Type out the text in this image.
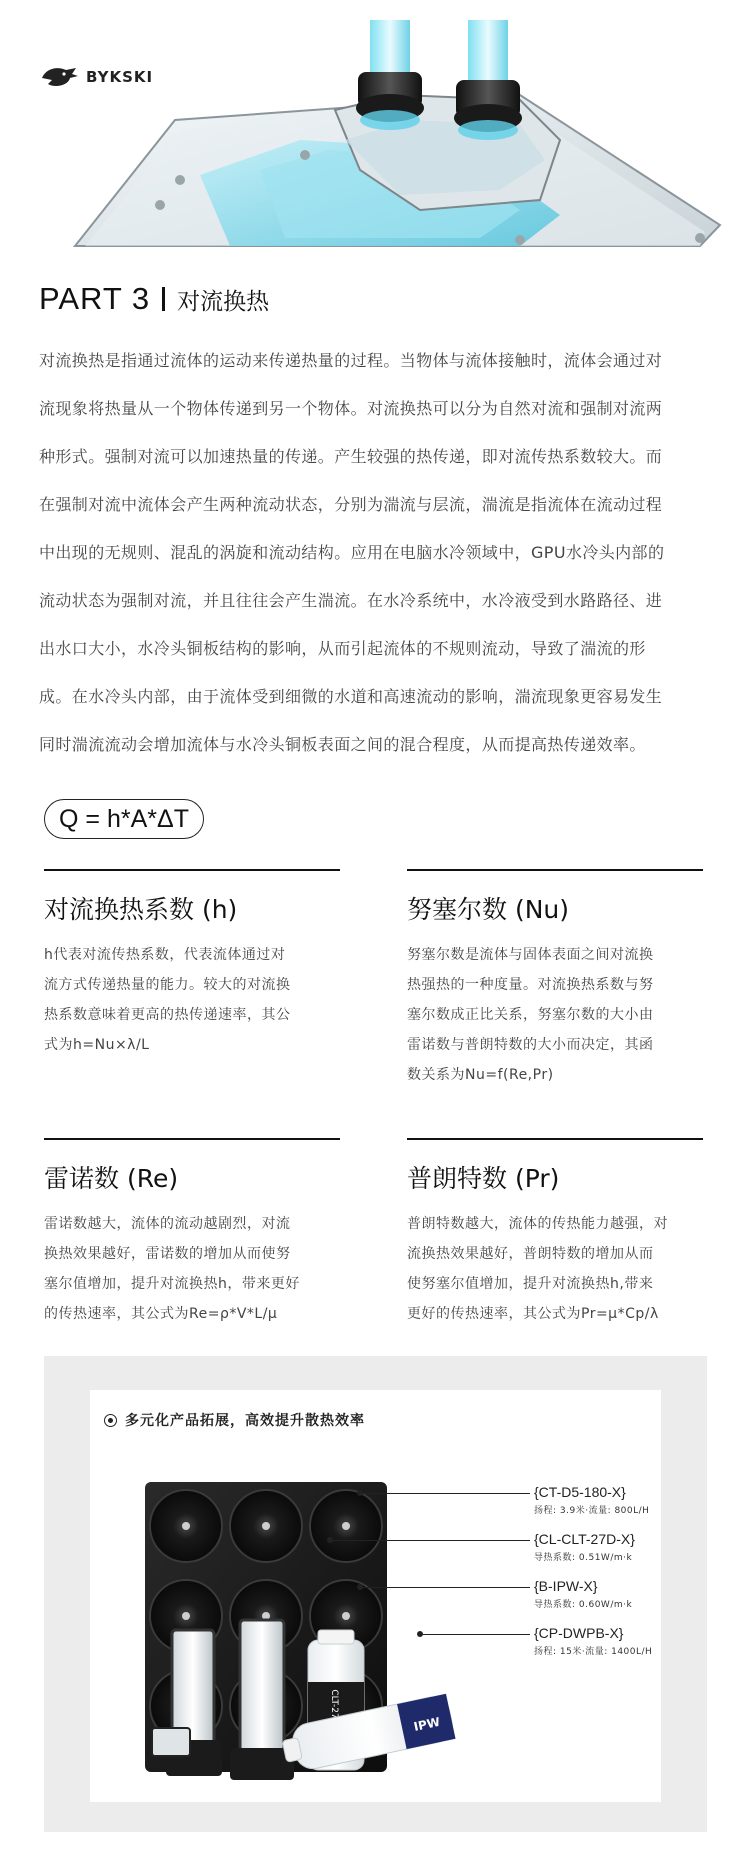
BYKSKI
PART 3 对流换热
对流换热是指通过流体的运动来传递热量的过程。当物体与流体接触时，流体会通过对
流现象将热量从一个物体传递到另一个物体。对流换热可以分为自然对流和强制对流两
种形式。强制对流可以加速热量的传递。产生较强的热传递，即对流传热系数较大。而
在强制对流中流体会产生两种流动状态，分别为湍流与层流，湍流是指流体在流动过程
中出现的无规则、混乱的涡旋和流动结构。应用在电脑水冷领域中，GPU水冷头内部的
流动状态为强制对流，并且往往会产生湍流。在水冷系统中，水冷液受到水路路径、进
出水口大小，水冷头铜板结构的影响，从而引起流体的不规则流动，导致了湍流的形
成。在水冷头内部，由于流体受到细微的水道和高速流动的影响，湍流现象更容易发生
同时湍流流动会增加流体与水冷头铜板表面之间的混合程度，从而提高热传递效率。
Q = h*A*ΔT
对流换热系数 (h)
h代表对流传热系数，代表流体通过对
流方式传递热量的能力。较大的对流换
热系数意味着更高的热传递速率，其公
式为h=Nu×λ/L
努塞尔数 (Nu)
努塞尔数是流体与固体表面之间对流换
热强热的一种度量。对流换热系数与努
塞尔数成正比关系，努塞尔数的大小由
雷诺数与普朗特数的大小而决定，其函
数关系为Nu=f(Re,Pr)
雷诺数 (Re)
雷诺数越大，流体的流动越剧烈，对流
换热效果越好，雷诺数的增加从而使努
塞尔值增加，提升对流换热h，带来更好
的传热速率，其公式为Re=ρ*V*L/μ
普朗特数 (Pr)
普朗特数越大，流体的传热能力越强，对
流换热效果越好，普朗特数的增加从而
使努塞尔值增加，提升对流换热h,带来
更好的传热速率，其公式为Pr=μ*Cp/λ
CLT-27D-X	IPW
多元化产品拓展，高效提升散热效率
{CT-D5-180-X}
扬程: 3.9米·流量: 800L/H
{CL-CLT-27D-X}
导热系数: 0.51W/m·k
{B-IPW-X}
导热系数: 0.60W/m·k
{CP-DWPB-X}
扬程: 15米·流量: 1400L/H
